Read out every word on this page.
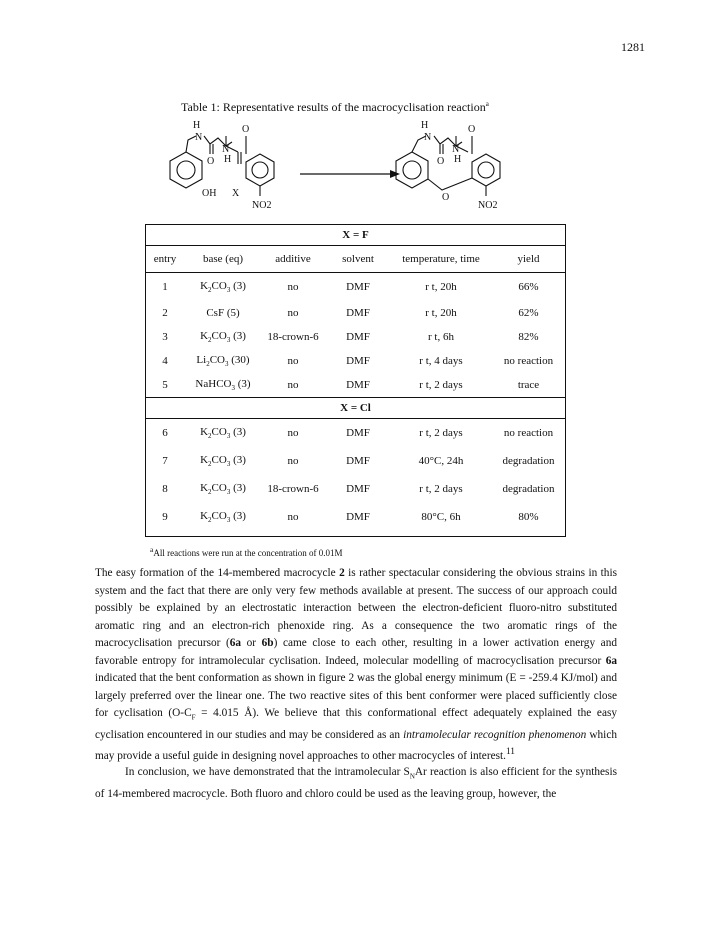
1281
Table 1: Representative results of the macrocyclisation reaction$^a$
H
N
O
N
H
O
OH X
NO2
H
N
O
N
H
O
O
NO2
X = F					
entry	base (eq)	additive	solvent	temperature, time	yield
1	$K_2CO_3$ (3)	no	DMF	r t, 20h	66%
2	CsF (5)	no	DMF	r t, 20h	62%
3	$K_2CO_3$ (3)	18-crown-6	DMF	r t, 6h	82%
4	$Li_2CO_3$ (30)	no	DMF	r t, 4 days	no reaction
5	NaHCO$_3$ (3)	no	DMF	r t, 2 days	trace
X = Cl					
6	$K_2CO_3$ (3)	no	DMF	r t, 2 days	no reaction
7	$K_2CO_3$ (3)	no	DMF	40°C, 24h	degradation
8	$K_2CO_3$ (3)	18-crown-6	DMF	r t, 2 days	degradation
9	$K_2CO_3$ (3)	no	DMF	80°C, 6h	80%
$^a$All reactions were run at the concentration of 0.01M
The easy formation of the 14-membered macrocycle 2 is rather spectacular considering the obvious strains in this system and the fact that there are only very few methods available at present. The success of our approach could possibly be explained by an electrostatic interaction between the electron-deficient fluoro-nitro substituted aromatic ring and an electron-rich phenoxide ring. As a consequence the two aromatic rings of the macrocyclisation precursor (6a or 6b) came close to each other, resulting in a lower activation energy and favorable entropy for intramolecular cyclisation. Indeed, molecular modelling of macrocyclisation precursor 6a indicated that the bent conformation as shown in figure 2 was the global energy minimum (E = -259.4 KJ/mol) and largely preferred over the linear one. The two reactive sites of this bent conformer were placed sufficiently close for cyclisation ($O-C_F = 4.015$ Å). We believe that this conformational effect adequately explained the easy cyclisation encountered in our studies and may be considered as an intramolecular recognition phenomenon which may provide a useful guide in designing novel approaches to other macrocycles of interest.$^{11}$
In conclusion, we have demonstrated that the intramolecular $S_NAr$ reaction is also efficient for the synthesis of 14-membered macrocycle. Both fluoro and chloro could be used as the leaving group, however, the
